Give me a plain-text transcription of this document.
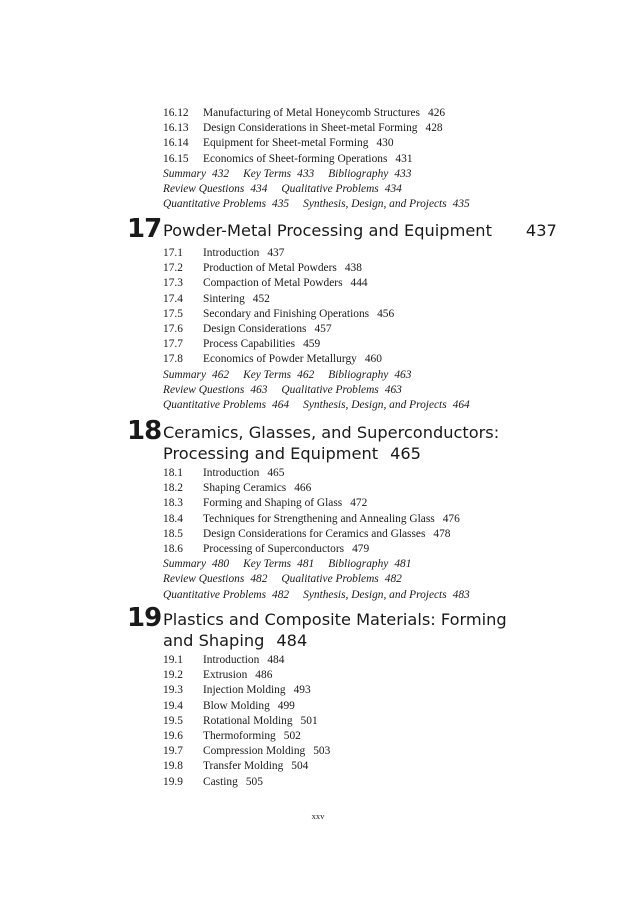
16.12 Manufacturing of Metal Honeycomb Structures 426
16.13 Design Considerations in Sheet-metal Forming 428
16.14 Equipment for Sheet-metal Forming 430
16.15 Economics of Sheet-forming Operations 431
Summary 432 Key Terms 433 Bibliography 433
Review Questions 434 Qualitative Problems 434
Quantitative Problems 435 Synthesis, Design, and Projects 435
17 Powder-Metal Processing and Equipment 437
17.1 Introduction 437
17.2 Production of Metal Powders 438
17.3 Compaction of Metal Powders 444
17.4 Sintering 452
17.5 Secondary and Finishing Operations 456
17.6 Design Considerations 457
17.7 Process Capabilities 459
17.8 Economics of Powder Metallurgy 460
Summary 462 Key Terms 462 Bibliography 463
Review Questions 463 Qualitative Problems 463
Quantitative Problems 464 Synthesis, Design, and Projects 464
18 Ceramics, Glasses, and Superconductors:
Processing and Equipment 465
18.1 Introduction 465
18.2 Shaping Ceramics 466
18.3 Forming and Shaping of Glass 472
18.4 Techniques for Strengthening and Annealing Glass 476
18.5 Design Considerations for Ceramics and Glasses 478
18.6 Processing of Superconductors 479
Summary 480 Key Terms 481 Bibliography 481
Review Questions 482 Qualitative Problems 482
Quantitative Problems 482 Synthesis, Design, and Projects 483
19 Plastics and Composite Materials: Forming
and Shaping 484
19.1 Introduction 484
19.2 Extrusion 486
19.3 Injection Molding 493
19.4 Blow Molding 499
19.5 Rotational Molding 501
19.6 Thermoforming 502
19.7 Compression Molding 503
19.8 Transfer Molding 504
19.9 Casting 505
xxv
